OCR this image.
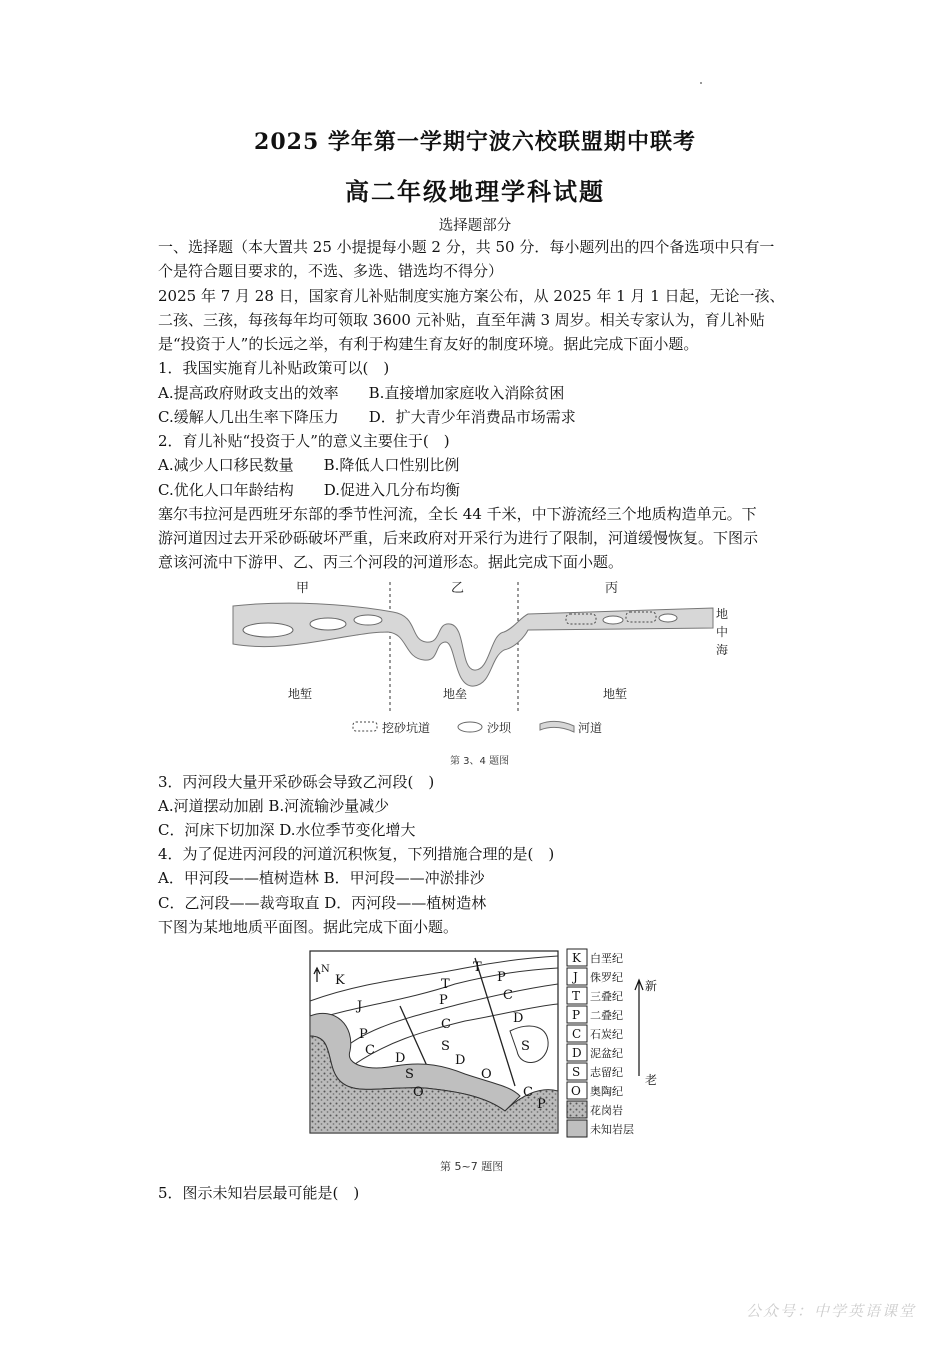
2025 学年第一学期宁波六校联盟期中联考
高二年级地理学科试题
选择题部分
一、选择题（本大置共 25 小提提每小题 2 分，共 50 分．每小题列出的四个备选项中只有一
个是符合题目要求的，不选、多选、错选均不得分）
2025 年 7 月 28 日，国家育儿补贴制度实施方案公布，从 2025 年 1 月 1 日起，无论一孩、
二孩、三孩，每孩每年均可领取 3600 元补贴，直至年满 3 周岁。相关专家认为，育儿补贴
是“投资于人”的长远之举，有利于构建生育友好的制度环境。据此完成下面小题。
1．我国实施育儿补贴政策可以(　)
A.提高政府财政支出的效率　　B.直接增加家庭收入消除贫困
C.缓解人几出生率下降压力　　D．扩大青少年消费品市场需求
2．育儿补贴“投资于人”的意义主要住于(　)
A.减少人口移民数量　　B.降低人口性别比例
C.优化人口年龄结构　　D.促进入几分布均衡
塞尔韦拉河是西班牙东部的季节性河流，全长 44 千米，中下游流经三个地质构造单元。下
游河道因过去开采砂砾破坏严重，后来政府对开采行为进行了限制，河道缓慢恢复。下图示
意该河流中下游甲、乙、丙三个河段的河道形态。据此完成下面小题。
甲	乙	丙
地
中
海
地堑	地垒	地堑
挖砂坑道	沙坝	河道
第 3、4 题图
3．丙河段大量开采砂砾会导致乙河段(　)
A.河道摆动加剧 B.河流输沙量减少
C．河床下切加深 D.水位季节变化增大
4．为了促进丙河段的河道沉积恢复，下列措施合理的是(　)
A．甲河段——植树造林 B．甲河段——冲淤排沙
C．乙河段——裁弯取直 D．丙河段——植树造林
下图为某地地质平面图。据此完成下面小题。
N
K
J
T
T
P
P	C
C	D
P
C
D
S
S
D
S
O
O
C
P
K 白垩纪
J 侏罗纪
T 三叠纪
P 二叠纪
C 石炭纪
D 泥盆纪
S 志留纪
O 奥陶纪
花岗岩
未知岩层
新
老
第 5~7 题图
5．图示未知岩层最可能是(　)
公众号：中学英语课堂
